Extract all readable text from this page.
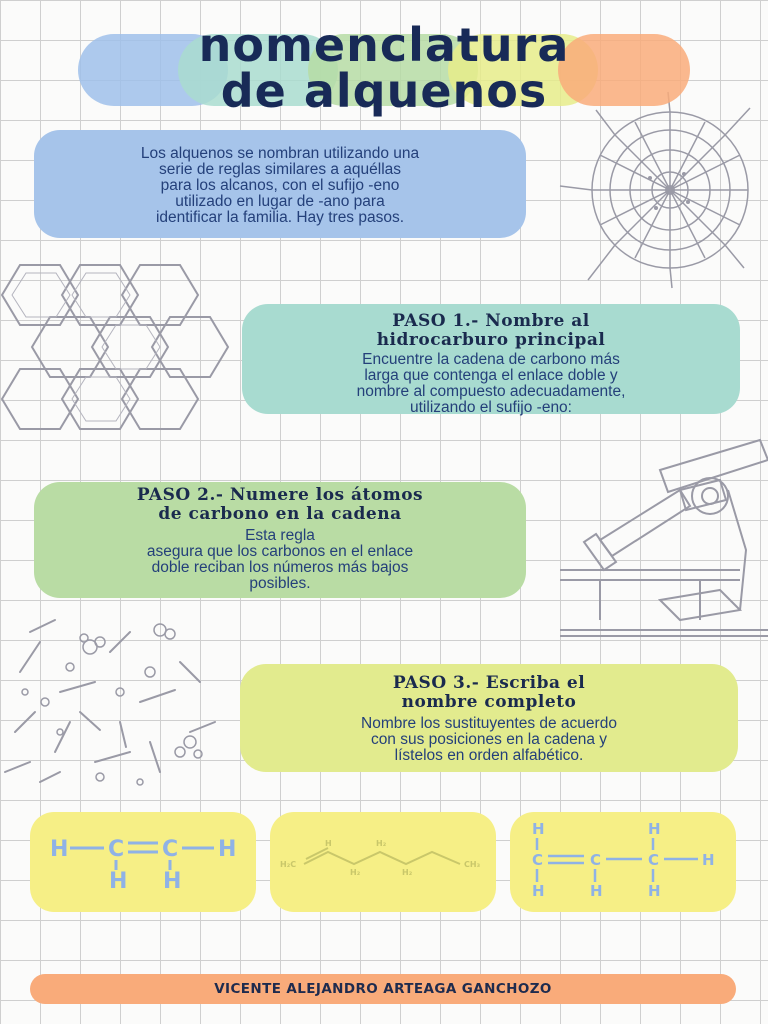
nomenclatura
de alquenos
Los alquenos se nombran utilizando una
serie de reglas similares a aquéllas
para los alcanos, con el sufijo -eno
utilizado en lugar de -ano para
identificar la familia. Hay tres pasos.
PASO 1.- Nombre al
hidrocarburo principal
Encuentre la cadena de carbono más
larga que contenga el enlace doble y
nombre al compuesto adecuadamente,
utilizando el sufijo -eno:
PASO 2.- Numere los átomos
de carbono en la cadena
Esta regla
asegura que los carbonos en el enlace
doble reciban los números más bajos
posibles.
PASO 3.- Escriba el
nombre completo
Nombre los sustituyentes de acuerdo
con sus posiciones en la cadena y
lístelos en orden alfabético.
H C C H
H H
H₂C
H
H₂
H₂
H₂
CH₃
H	H
C	C	C	H
H	H	H
VICENTE ALEJANDRO ARTEAGA GANCHOZO
